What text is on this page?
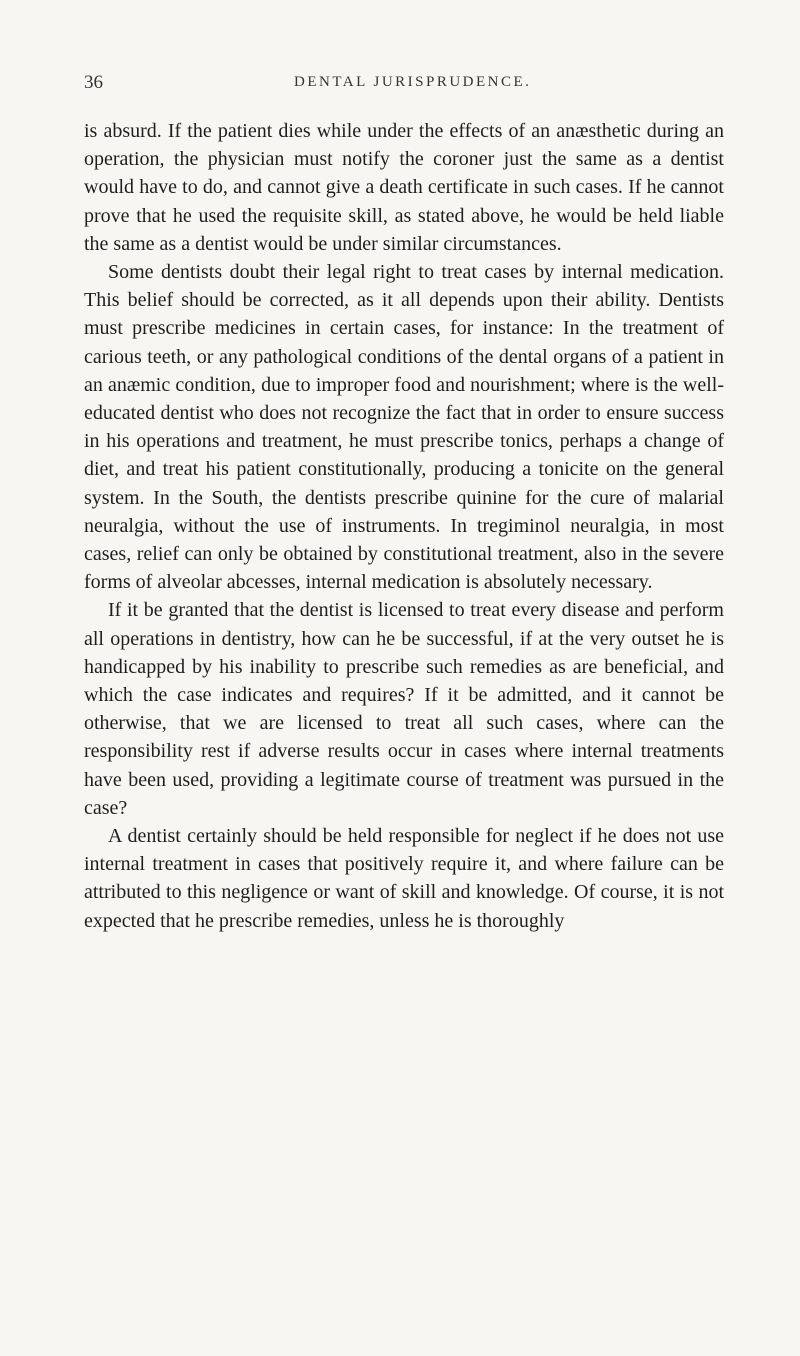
36	DENTAL JURISPRUDENCE.

is absurd. If the patient dies while under the effects of an anæsthetic during an operation, the physician must notify the coroner just the same as a dentist would have to do, and cannot give a death certificate in such cases. If he cannot prove that he used the requisite skill, as stated above, he would be held liable the same as a dentist would be under similar circumstances.

Some dentists doubt their legal right to treat cases by internal medication. This belief should be corrected, as it all depends upon their ability. Dentists must prescribe medicines in certain cases, for instance: In the treatment of carious teeth, or any pathological conditions of the dental organs of a patient in an anæmic condition, due to improper food and nourishment; where is the well-educated dentist who does not recognize the fact that in order to ensure success in his operations and treatment, he must prescribe tonics, perhaps a change of diet, and treat his patient constitutionally, producing a tonicite on the general system. In the South, the dentists prescribe quinine for the cure of malarial neuralgia, without the use of instruments. In tregiminol neuralgia, in most cases, relief can only be obtained by constitutional treatment, also in the severe forms of alveolar abcesses, internal medication is absolutely necessary.

If it be granted that the dentist is licensed to treat every disease and perform all operations in dentistry, how can he be successful, if at the very outset he is handicapped by his inability to prescribe such remedies as are beneficial, and which the case indicates and requires? If it be admitted, and it cannot be otherwise, that we are licensed to treat all such cases, where can the responsibility rest if adverse results occur in cases where internal treatments have been used, providing a legitimate course of treatment was pursued in the case?

A dentist certainly should be held responsible for neglect if he does not use internal treatment in cases that positively require it, and where failure can be attributed to this negligence or want of skill and knowledge. Of course, it is not expected that he prescribe remedies, unless he is thoroughly
